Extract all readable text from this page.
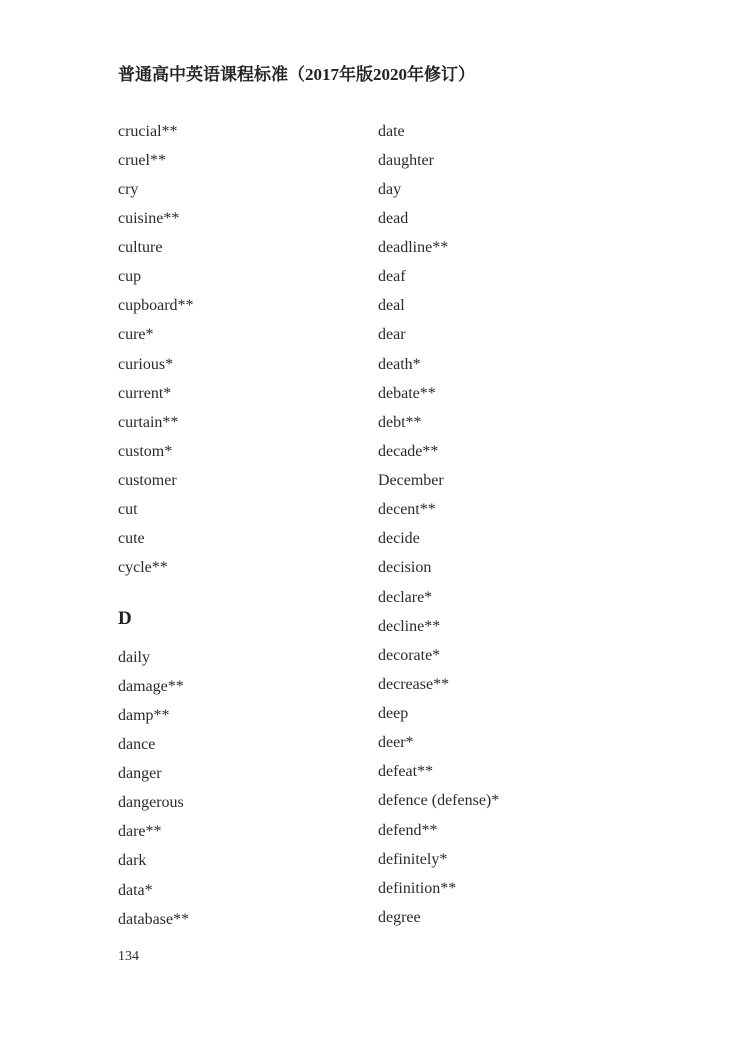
普通高中英语课程标准（2017年版2020年修订）
crucial**
cruel**
cry
cuisine**
culture
cup
cupboard**
cure*
curious*
current*
curtain**
custom*
customer
cut
cute
cycle**
D
daily
damage**
damp**
dance
danger
dangerous
dare**
dark
data*
database**
date
daughter
day
dead
deadline**
deaf
deal
dear
death*
debate**
debt**
decade**
December
decent**
decide
decision
declare*
decline**
decorate*
decrease**
deep
deer*
defeat**
defence (defense)*
defend**
definitely*
definition**
degree
134
